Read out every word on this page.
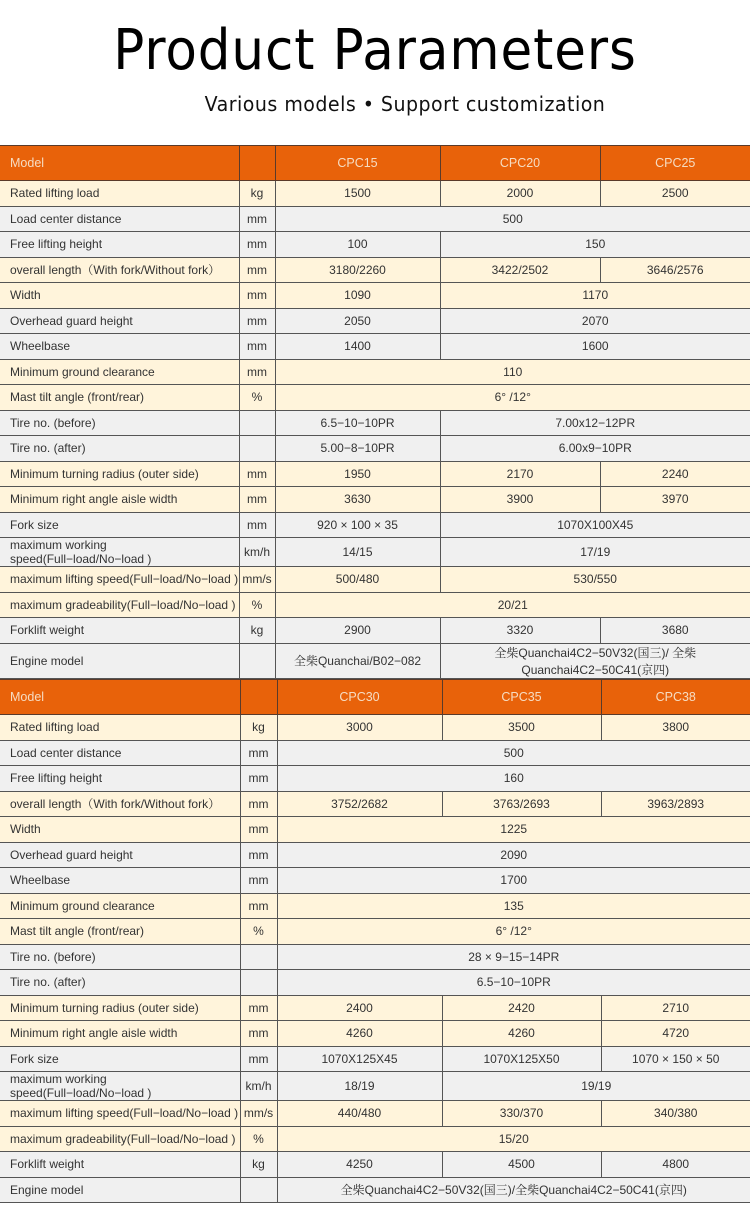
Product Parameters
Various models • Support customization
Model		CPC15	CPC20	CPC25
Rated lifting load	kg	1500	2000	2500
Load center distance	mm	500		
Free lifting height	mm	100	150	
overall length（With fork/Without fork）	mm	3180/2260	3422/2502	3646/2576
Width	mm	1090	1170	
Overhead guard height	mm	2050	2070	
Wheelbase	mm	1400	1600	
Minimum ground clearance	mm	110		
Mast tilt angle (front/rear)	%	6° /12°		
Tire no. (before)		6.5−10−10PR	7.00x12−12PR	
Tire no. (after)		5.00−8−10PR	6.00x9−10PR	
Minimum turning radius (outer side)	mm	1950	2170	2240
Minimum right angle aisle width	mm	3630	3900	3970
Fork size	mm	920 × 100 × 35	1070X100X45	
maximum working speed(Full−load/No−load )	km/h	14/15	17/19	
maximum lifting speed(Full−load/No−load )	mm/s	500/480	530/550	
maximum gradeability(Full−load/No−load )	%	20/21		
Forklift weight	kg	2900	3320	3680
Engine model		全柴Quanchai/B02−082	全柴Quanchai4C2−50V32(国三)/ 全柴Quanchai4C2−50C41(京四)	
Model		CPC30	CPC35	CPC38
Rated lifting load	kg	3000	3500	3800
Load center distance	mm	500		
Free lifting height	mm	160		
overall length（With fork/Without fork）	mm	3752/2682	3763/2693	3963/2893
Width	mm	1225		
Overhead guard height	mm	2090		
Wheelbase	mm	1700		
Minimum ground clearance	mm	135		
Mast tilt angle (front/rear)	%	6° /12°		
Tire no. (before)		28 × 9−15−14PR		
Tire no. (after)		6.5−10−10PR		
Minimum turning radius (outer side)	mm	2400	2420	2710
Minimum right angle aisle width	mm	4260	4260	4720
Fork size	mm	1070X125X45	1070X125X50	1070 × 150 × 50
maximum working speed(Full−load/No−load )	km/h	18/19	19/19	
maximum lifting speed(Full−load/No−load )	mm/s	440/480	330/370	340/380
maximum gradeability(Full−load/No−load )	%	15/20		
Forklift weight	kg	4250	4500	4800
Engine model		全柴Quanchai4C2−50V32(国三)/全柴Quanchai4C2−50C41(京四)		
